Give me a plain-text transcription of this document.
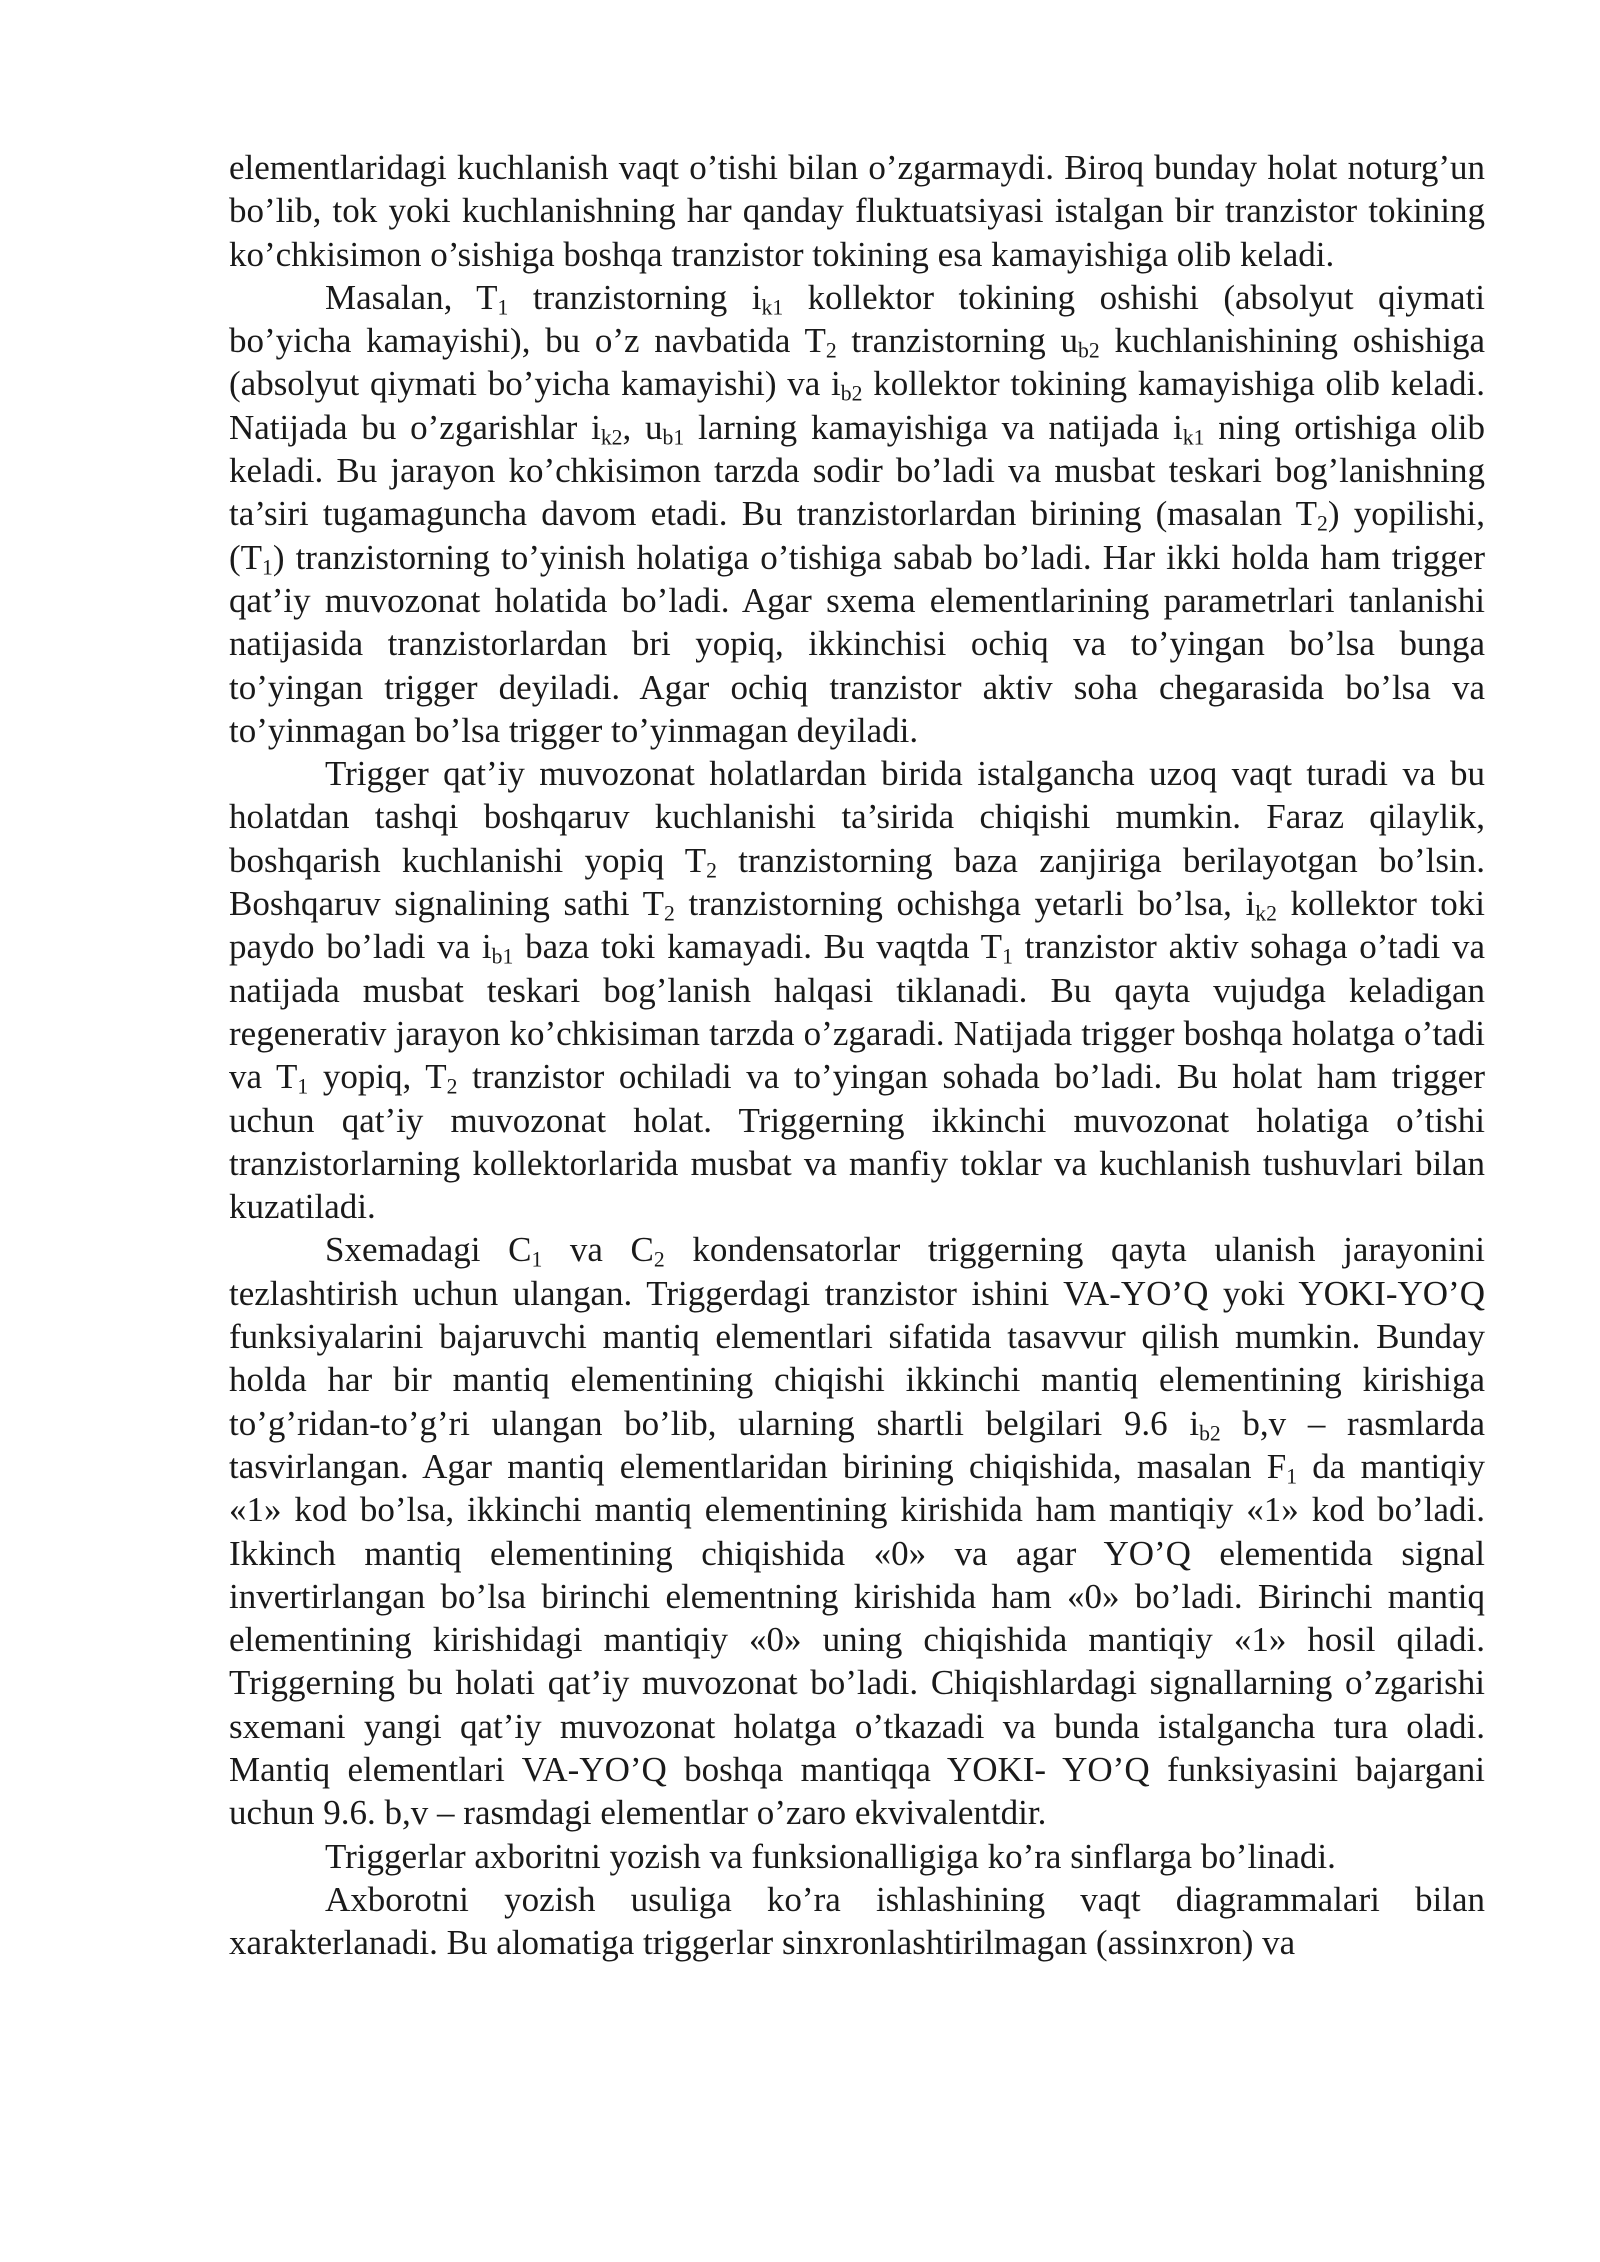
elementlaridagi kuchlanish vaqt o’tishi bilan o’zgarmaydi. Biroq bunday holat noturg’un bo’lib, tok yoki kuchlanishning har qanday fluktuatsiyasi istalgan bir tranzistor tokining ko’chkisimon o’sishiga boshqa tranzistor tokining esa kamayishiga olib keladi.

Masalan, $T_1$ tranzistorning $i_{k1}$ kollektor tokining oshishi (absolyut qiymati bo’yicha kamayishi), bu o’z navbatida $T_2$ tranzistorning $u_{b2}$ kuchlanishining oshishiga (absolyut qiymati bo’yicha kamayishi) va $i_{b2}$ kollektor tokining kamayishiga olib keladi. Natijada bu o’zgarishlar $i_{k2}$, $u_{b1}$ larning kamayishiga va natijada $i_{k1}$ ning ortishiga olib keladi. Bu jarayon ko’chkisimon tarzda sodir bo’ladi va musbat teskari bog’lanishning ta’siri tugamaguncha davom etadi. Bu tranzistorlardan birining (masalan $T_2$) yopilishi, $(T_1)$ tranzistorning to’yinish holatiga o’tishiga sabab bo’ladi. Har ikki holda ham trigger qat’iy muvozonat holatida bo’ladi. Agar sxema elementlarining parametrlari tanlanishi natijasida tranzistorlardan bri yopiq, ikkinchisi ochiq va to’yingan bo’lsa bunga to’yingan trigger deyiladi. Agar ochiq tranzistor aktiv soha chegarasida bo’lsa va to’yinmagan bo’lsa trigger to’yinmagan deyiladi.

Trigger qat’iy muvozonat holatlardan birida istalgancha uzoq vaqt turadi va bu holatdan tashqi boshqaruv kuchlanishi ta’sirida chiqishi mumkin. Faraz qilaylik, boshqarish kuchlanishi yopiq $T_2$ tranzistorning baza zanjiriga berilayotgan bo’lsin. Boshqaruv signalining sathi $T_2$ tranzistorning ochishga yetarli bo’lsa, $i_{k2}$ kollektor toki paydo bo’ladi va $i_{b1}$ baza toki kamayadi. Bu vaqtda $T_1$ tranzistor aktiv sohaga o’tadi va natijada musbat teskari bog’lanish halqasi tiklanadi. Bu qayta vujudga keladigan regenerativ jarayon ko’chkisiman tarzda o’zgaradi. Natijada trigger boshqa holatga o’tadi va $T_1$ yopiq, $T_2$ tranzistor ochiladi va to’yingan sohada bo’ladi. Bu holat ham trigger uchun qat’iy muvozonat holat. Triggerning ikkinchi muvozonat holatiga o’tishi tranzistorlarning kollektorlarida musbat va manfiy toklar va kuchlanish tushuvlari bilan kuzatiladi.

Sxemadagi $C_1$ va $C_2$ kondensatorlar triggerning qayta ulanish jarayonini tezlashtirish uchun ulangan. Triggerdagi tranzistor ishini VA-YO’Q yoki YOKI-YO’Q funksiyalarini bajaruvchi mantiq elementlari sifatida tasavvur qilish mumkin. Bunday holda har bir mantiq elementining chiqishi ikkinchi mantiq elementining kirishiga to’g’ridan-to’g’ri ulangan bo’lib, ularning shartli belgilari 9.6 $i_{b2}$ b,v – rasmlarda tasvirlangan. Agar mantiq elementlaridan birining chiqishida, masalan $F_1$ da mantiqiy «1» kod bo’lsa, ikkinchi mantiq elementining kirishida ham mantiqiy «1» kod bo’ladi. Ikkinch mantiq elementining chiqishida «0» va agar YO’Q elementida signal invertirlangan bo’lsa birinchi elementning kirishida ham «0» bo’ladi. Birinchi mantiq elementining kirishidagi mantiqiy «0» uning chiqishida mantiqiy «1» hosil qiladi. Triggerning bu holati qat’iy muvozonat bo’ladi. Chiqishlardagi signallarning o’zgarishi sxemani yangi qat’iy muvozonat holatga o’tkazadi va bunda istalgancha tura oladi. Mantiq elementlari VA-YO’Q boshqa mantiqqa YOKI- YO’Q funksiyasini bajargani uchun 9.6. b,v – rasmdagi elementlar o’zaro ekvivalentdir.

Triggerlar axboritni yozish va funksionalligiga ko’ra sinflarga bo’linadi.

Axborotni yozish usuliga ko’ra ishlashining vaqt diagrammalari bilan xarakterlanadi. Bu alomatiga triggerlar sinxronlashtirilmagan (assinxron) va
